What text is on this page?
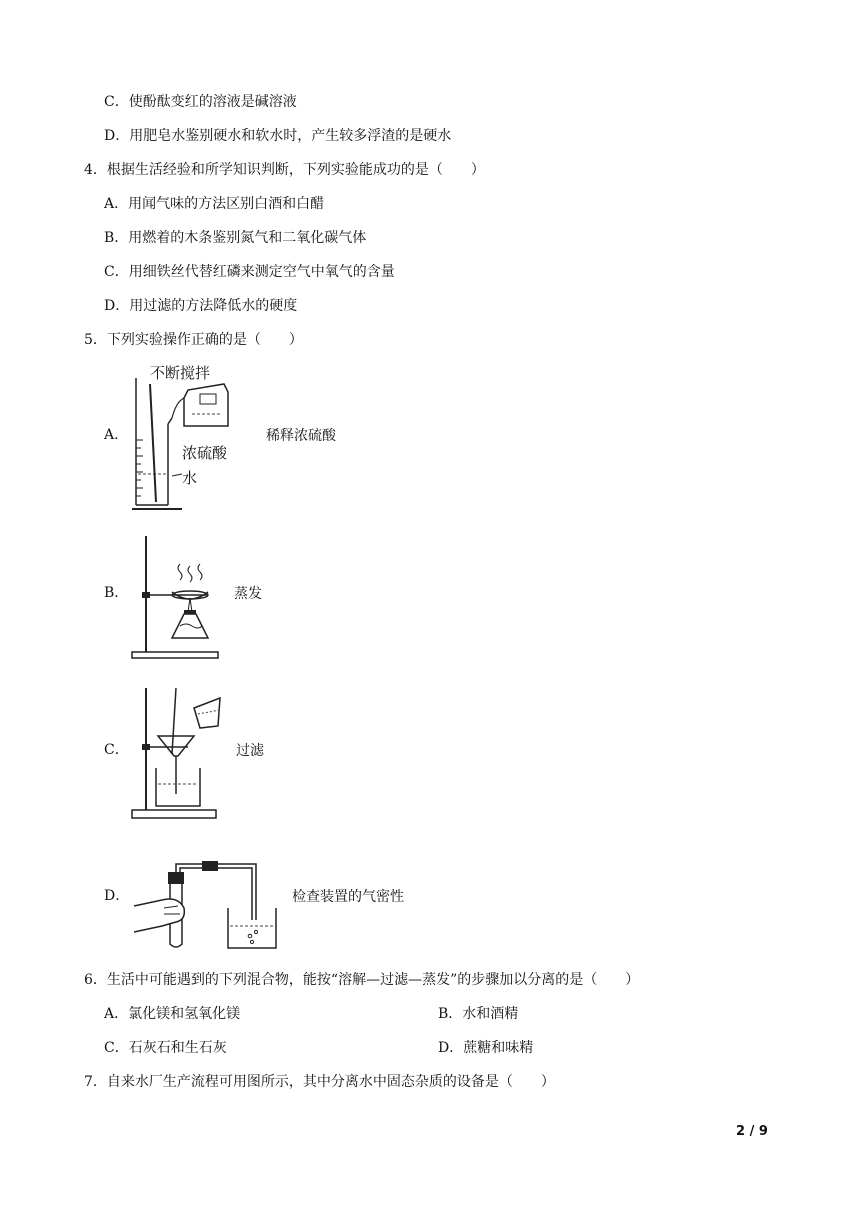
C．使酚酞变红的溶液是碱溶液
D．用肥皂水鉴别硬水和软水时，产生较多浮渣的是硬水
4．根据生活经验和所学知识判断，下列实验能成功的是（　　）
A．用闻气味的方法区别白酒和白醋
B．用燃着的木条鉴别氮气和二氧化碳气体
C．用细铁丝代替红磷来测定空气中氧气的含量
D．用过滤的方法降低水的硬度
5．下列实验操作正确的是（　　）
A．
不断搅拌
浓硫酸
水
稀释浓硫酸
B．	蒸发
C．	过滤
D．	检查装置的气密性
6．生活中可能遇到的下列混合物，能按“溶解—过滤—蒸发”的步骤加以分离的是（　　）
A．氯化镁和氢氧化镁	B．水和酒精
C．石灰石和生石灰	D．蔗糖和味精
7．自来水厂生产流程可用图所示，其中分离水中固态杂质的设备是（　　）
2 / 9
